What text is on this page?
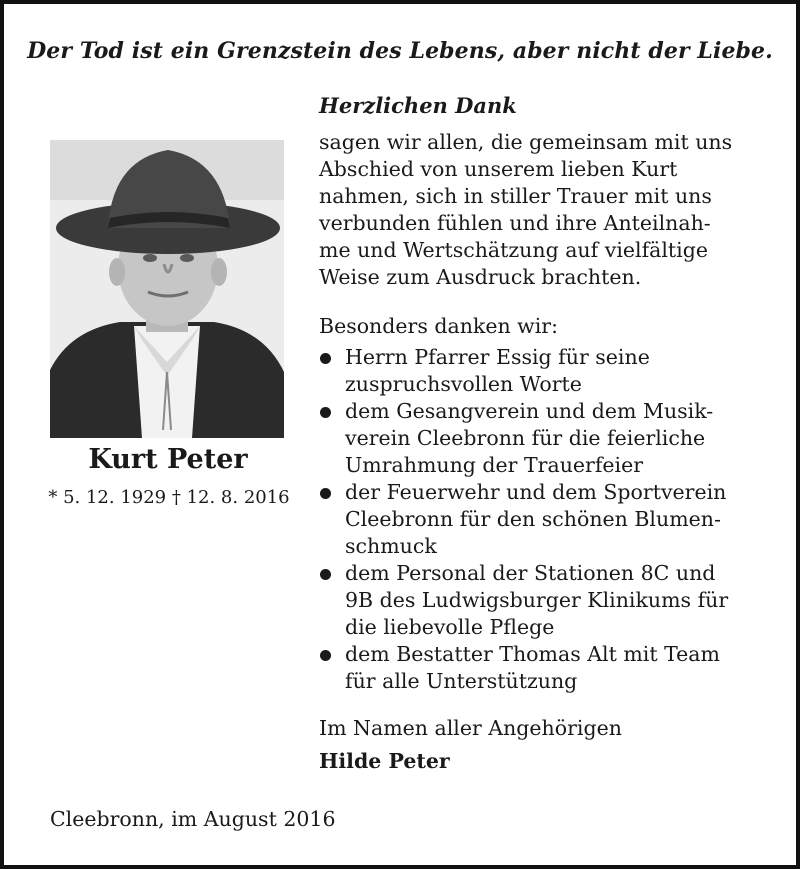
Der Tod ist ein Grenzstein des Lebens, aber nicht der Liebe.
Kurt Peter
* 5. 12. 1929 † 12. 8. 2016
Herzlichen Dank

sagen wir allen, die gemeinsam mit uns

Abschied von unserem lieben Kurt

nahmen, sich in stiller Trauer mit uns

verbunden fühlen und ihre Anteilnah-

me und Wertschätzung auf vielfältige

Weise zum Ausdruck brachten.

Besonders danken wir:
Herrn Pfarrer Essig für seine
zuspruchsvollen Worte
dem Gesangverein und dem Musik-
verein Cleebronn für die feierliche
Umrahmung der Trauerfeier
der Feuerwehr und dem Sportverein
Cleebronn für den schönen Blumen-
schmuck
dem Personal der Stationen 8C und
9B des Ludwigsburger Klinikums für
die liebevolle Pflege
dem Bestatter Thomas Alt mit Team
für alle Unterstützung
Im Namen aller Angehörigen
Hilde Peter
Cleebronn, im August 2016
